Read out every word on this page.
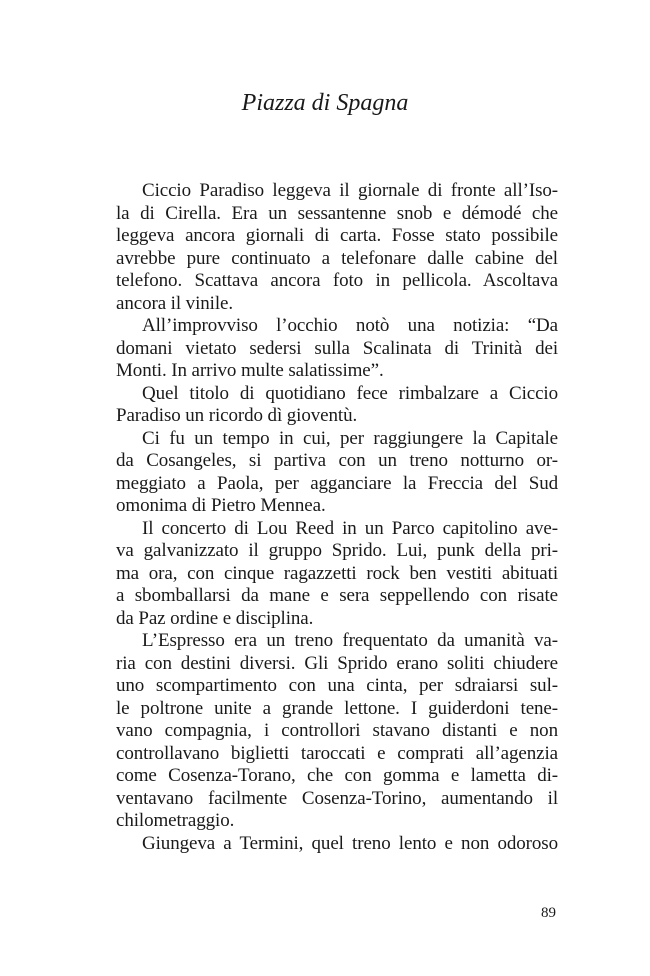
Piazza di Spagna

Ciccio Paradiso leggeva il giornale di fronte all’Iso-
la di Cirella. Era un sessantenne snob e démodé che
leggeva ancora giornali di carta. Fosse stato possibile
avrebbe pure continuato a telefonare dalle cabine del
telefono. Scattava ancora foto in pellicola. Ascoltava
ancora il vinile.

All’improvviso l’occhio notò una notizia: “Da
domani vietato sedersi sulla Scalinata di Trinità dei
Monti. In arrivo multe salatissime”.

Quel titolo di quotidiano fece rimbalzare a Ciccio
Paradiso un ricordo dì gioventù.

Ci fu un tempo in cui, per raggiungere la Capitale
da Cosangeles, si partiva con un treno notturno or-
meggiato a Paola, per agganciare la Freccia del Sud
omonima di Pietro Mennea.

Il concerto di Lou Reed in un Parco capitolino ave-
va galvanizzato il gruppo Sprido. Lui, punk della pri-
ma ora, con cinque ragazzetti rock ben vestiti abituati
a sbomballarsi da mane e sera seppellendo con risate
da Paz ordine e disciplina.

L’Espresso era un treno frequentato da umanità va-
ria con destini diversi. Gli Sprido erano soliti chiudere
uno scompartimento con una cinta, per sdraiarsi sul-
le poltrone unite a grande lettone. I guiderdoni tene-
vano compagnia, i controllori stavano distanti e non
controllavano biglietti taroccati e comprati all’agenzia
come Cosenza-Torano, che con gomma e lametta di-
ventavano facilmente Cosenza-Torino, aumentando il
chilometraggio.

Giungeva a Termini, quel treno lento e non odoroso

89
